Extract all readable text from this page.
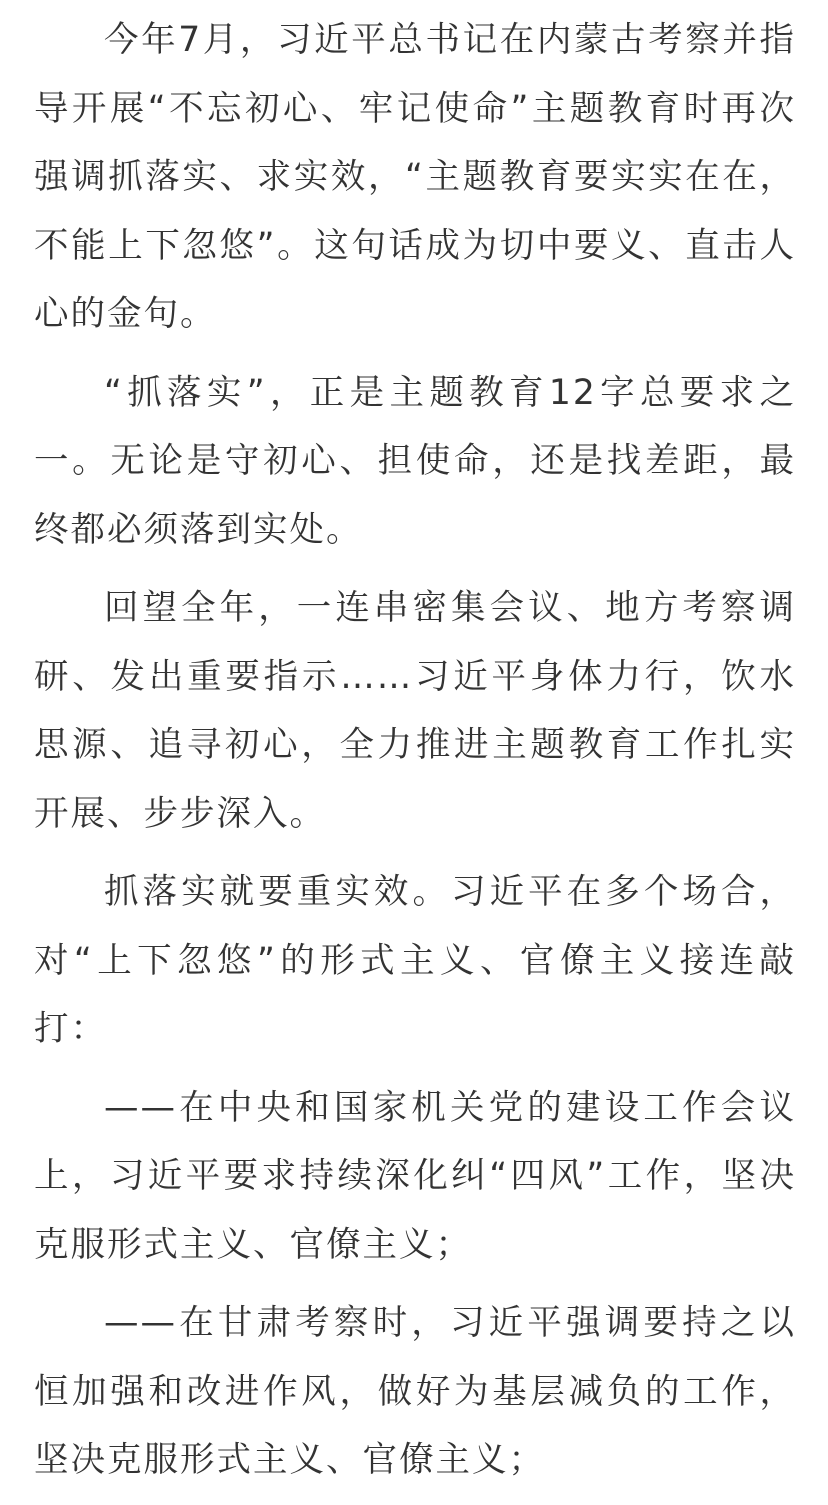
今年7月，习近平总书记在内蒙古考察并指导开展“不忘初心、牢记使命”主题教育时再次强调抓落实、求实效，“主题教育要实实在在，不能上下忽悠”。这句话成为切中要义、直击人心的金句。

“抓落实”，正是主题教育12字总要求之一。无论是守初心、担使命，还是找差距，最终都必须落到实处。

回望全年，一连串密集会议、地方考察调研、发出重要指示……习近平身体力行，饮水思源、追寻初心，全力推进主题教育工作扎实开展、步步深入。

抓落实就要重实效。习近平在多个场合，对“上下忽悠”的形式主义、官僚主义接连敲打：

——在中央和国家机关党的建设工作会议上，习近平要求持续深化纠“四风”工作，坚决克服形式主义、官僚主义；

——在甘肃考察时，习近平强调要持之以恒加强和改进作风，做好为基层减负的工作，坚决克服形式主义、官僚主义；
